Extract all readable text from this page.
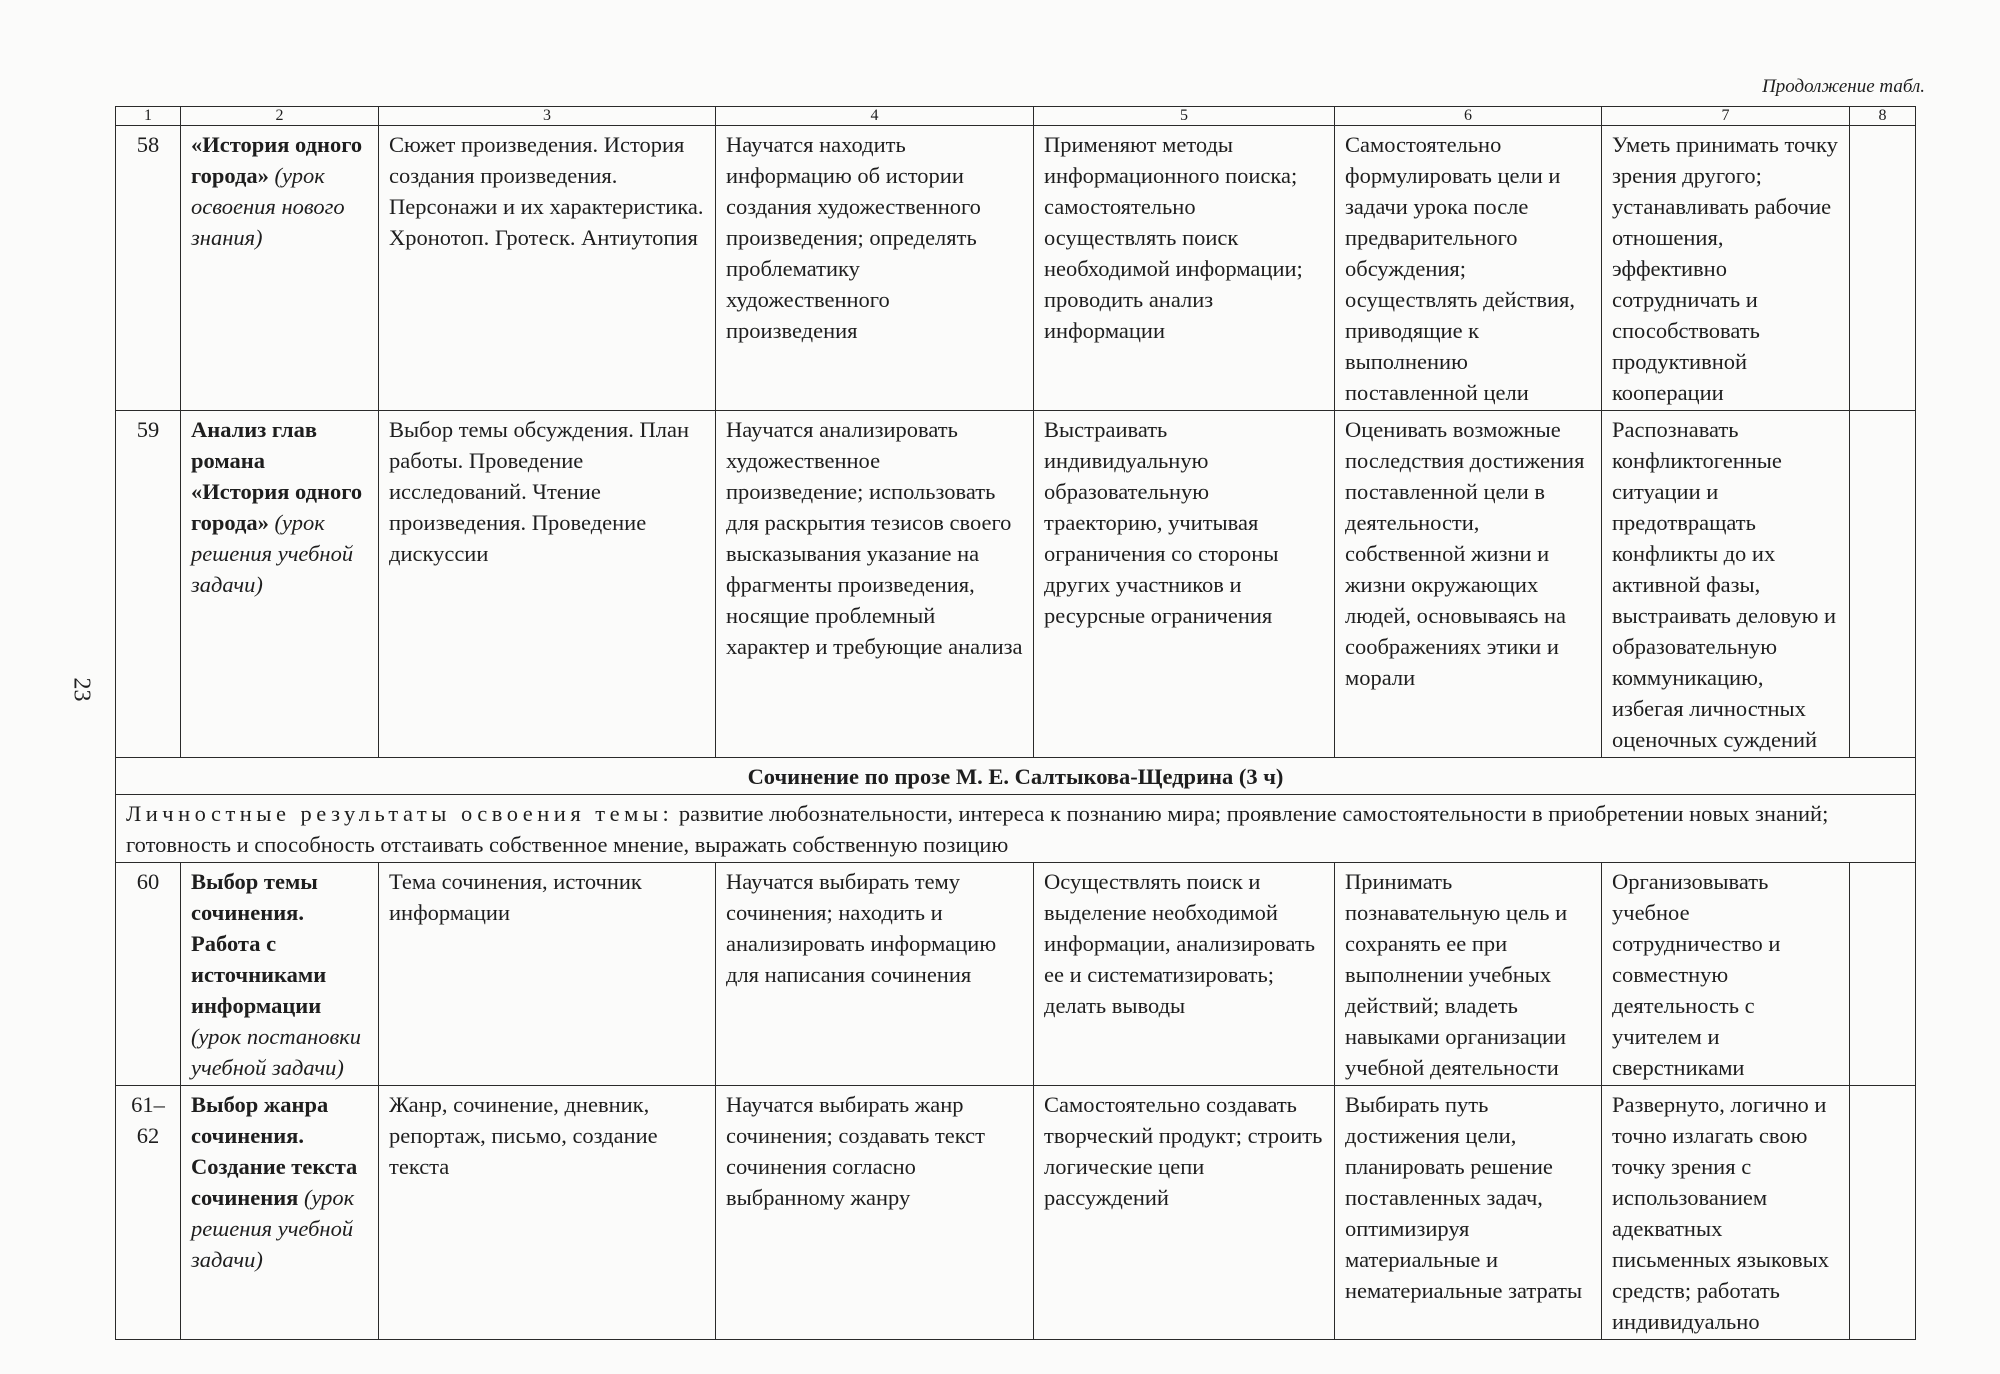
Продолжение табл.
23
1	2	3	4	5	6	7	8
58	«История одного города» (урок освоения нового знания)	Сюжет произведения. История создания произведения. Персонажи и их характеристика. Хронотоп. Гротеск. Антиутопия	Научатся находить информацию об истории создания художественного произведения; определять проблематику художественного произведения	Применяют методы информационного поиска; самостоятельно осуществлять поиск необходимой информации; проводить анализ информации	Самостоятельно формулировать цели и задачи урока после предварительного обсуждения; осуществлять действия, приводящие к выполнению поставленной цели	Уметь принимать точку зрения другого; устанавливать рабочие отношения, эффективно сотрудничать и способствовать продуктивной кооперации	
59	Анализ глав романа «История одного города» (урок решения учебной задачи)	Выбор темы обсуждения. План работы. Проведение исследований. Чтение произведения. Проведение дискуссии	Научатся анализировать художественное произведение; использовать для раскрытия тезисов своего высказывания указание на фрагменты произведения, носящие проблемный характер и требующие анализа	Выстраивать индивидуальную образовательную траекторию, учитывая ограничения со стороны других участников и ресурсные ограничения	Оценивать возможные последствия достижения поставленной цели в деятельности, собственной жизни и жизни окружающих людей, основываясь на соображениях этики и морали	Распознавать конфликтогенные ситуации и предотвращать конфликты до их активной фазы, выстраивать деловую и образовательную коммуникацию, избегая личностных оценочных суждений	
Сочинение по прозе М. Е. Салтыкова-Щедрина (3 ч)							
Личностные результаты освоения темы: развитие любознательности, интереса к познанию мира; проявление самостоятельности в приобретении новых знаний; готовность и способность отстаивать собственное мнение, выражать собственную позицию							
60	Выбор темы сочинения. Работа с источниками информации (урок постановки учебной задачи)	Тема сочинения, источник информации	Научатся выбирать тему сочинения; находить и анализировать информацию для написания сочинения	Осуществлять поиск и выделение необходимой информации, анализировать ее и систематизировать; делать выводы	Принимать познавательную цель и сохранять ее при выполнении учебных действий; владеть навыками организации учебной деятельности	Организовывать учебное сотрудничество и совместную деятельность с учителем и сверстниками	
61–62	Выбор жанра сочинения. Создание текста сочинения (урок решения учебной задачи)	Жанр, сочинение, дневник, репортаж, письмо, создание текста	Научатся выбирать жанр сочинения; создавать текст сочинения согласно выбранному жанру	Самостоятельно создавать творческий продукт; строить логические цепи рассуждений	Выбирать путь достижения цели, планировать решение поставленных задач, оптимизируя материальные и нематериальные затраты	Развернуто, логично и точно излагать свою точку зрения с использованием адекватных письменных языковых средств; работать индивидуально	
